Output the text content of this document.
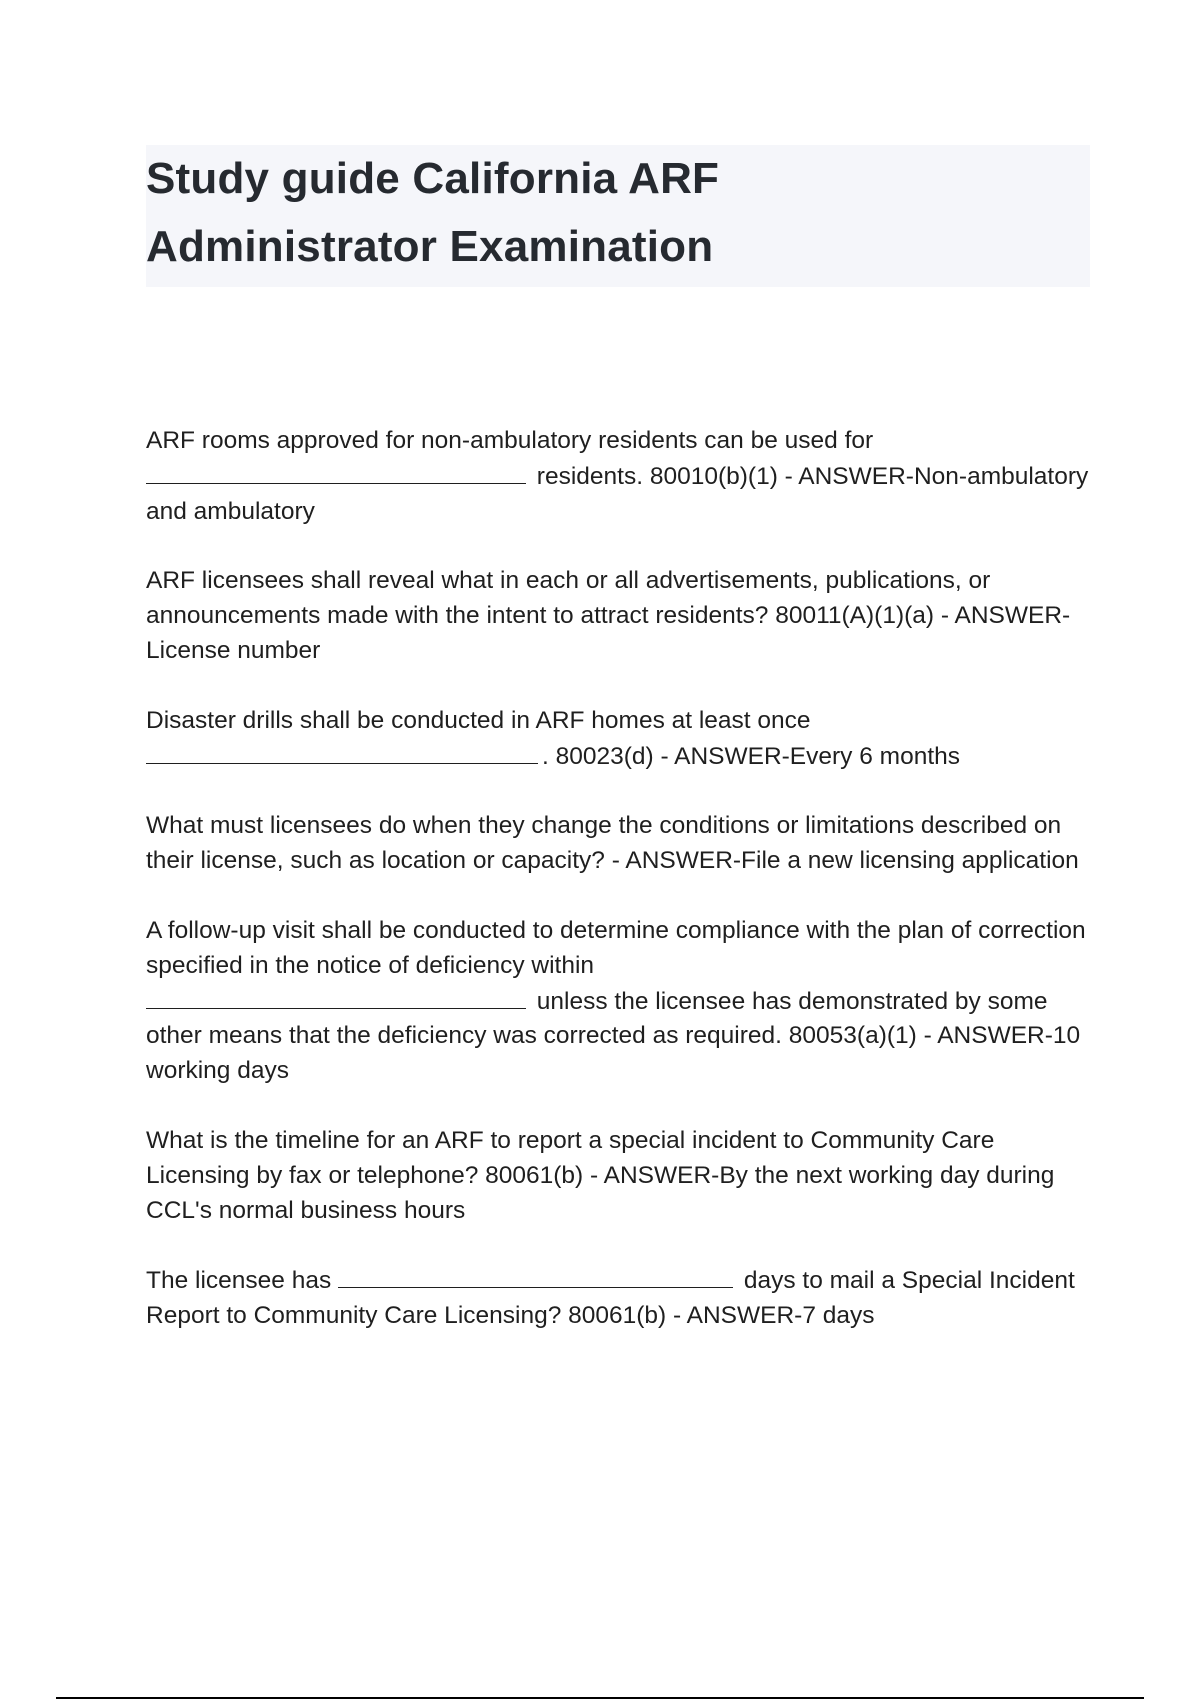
Study guide California ARF
Administrator Examination

ARF rooms approved for non-ambulatory residents can be used for
residents. 80010(b)(1) - ANSWER-Non-ambulatory and ambulatory

ARF licensees shall reveal what in each or all advertisements, publications, or announcements made with the intent to attract residents? 80011(A)(1)(a) - ANSWER-License number

Disaster drills shall be conducted in ARF homes at least once
. 80023(d) - ANSWER-Every 6 months

What must licensees do when they change the conditions or limitations described on their license, such as location or capacity? - ANSWER-File a new licensing application

A follow-up visit shall be conducted to determine compliance with the plan of correction specified in the notice of deficiency within
unless the licensee has demonstrated by some other means that the deficiency was corrected as required. 80053(a)(1) - ANSWER-10 working days

What is the timeline for an ARF to report a special incident to Community Care Licensing by fax or telephone? 80061(b) - ANSWER-By the next working day during CCL's normal business hours

The licensee has	days to mail a Special Incident Report to Community Care Licensing? 80061(b) - ANSWER-7 days
